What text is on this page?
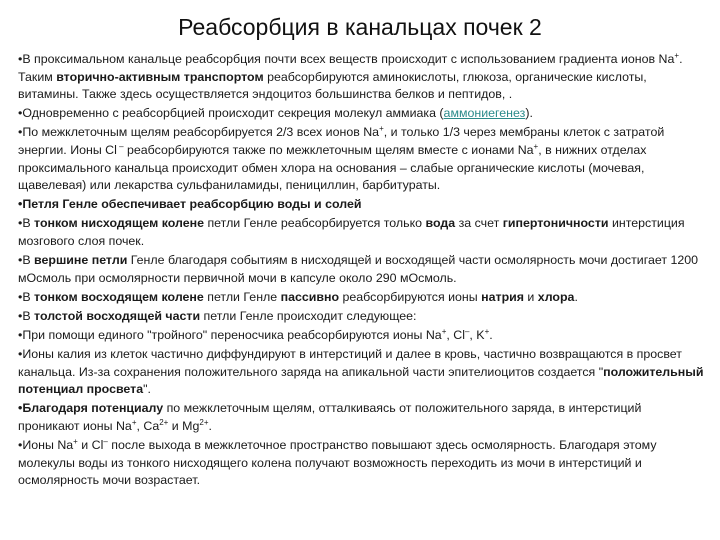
Реабсорбция в канальцах почек 2

•В проксимальном канальце реабсорбция почти всех веществ происходит с использованием градиента ионов Na+. Таким вторично-активным транспортом реабсорбируются аминокислоты, глюкоза, органические кислоты, витамины. Также здесь осуществляется эндоцитоз большинства белков и пептидов, .

•Одновременно с реабсорбцией происходит секреция молекул аммиака (аммониегенез).

•По межклеточным щелям реабсорбируется 2/3 всех ионов Na+, и только 1/3 через мембраны клеток с затратой энергии. Ионы Cl – реабсорбируются также по межклеточным щелям вместе с ионами Na+, в нижних отделах проксимального канальца происходит обмен хлора на основания – слабые органические кислоты (мочевая, щавелевая) или лекарства сульфаниламиды, пенициллин, барбитураты.

•Петля Генле обеспечивает реабсорбцию воды и солей

•В тонком нисходящем колене петли Генле реабсорбируется только вода за счет гипертоничности интерстиция мозгового слоя почек.

•В вершине петли Генле благодаря событиям в нисходящей и восходящей части осмолярность мочи достигает 1200 мОсмоль при осмолярности первичной мочи в капсуле около 290 мОсмоль.

•В тонком восходящем колене петли Генле пассивно реабсорбируются ионы натрия и хлора.

•В толстой восходящей части петли Генле происходит следующее:

•При помощи единого "тройного" переносчика реабсорбируются ионы Na+, Cl–, K+.

•Ионы калия из клеток частично диффундируют в интерстиций и далее в кровь, частично возвращаются в просвет канальца. Из-за сохранения положительного заряда на апикальной части эпителиоцитов создается "положительный потенциал просвета".

•Благодаря потенциалу по межклеточным щелям, отталкиваясь от положительного заряда, в интерстиций проникают ионы Na+, $Ca^{2+}$ и $Mg^{2+}$.

•Ионы Na+ и Cl– после выхода в межклеточное пространство повышают здесь осмолярность. Благодаря этому молекулы воды из тонкого нисходящего колена получают возможность переходить из мочи в интерстиций и осмолярность мочи возрастает.
